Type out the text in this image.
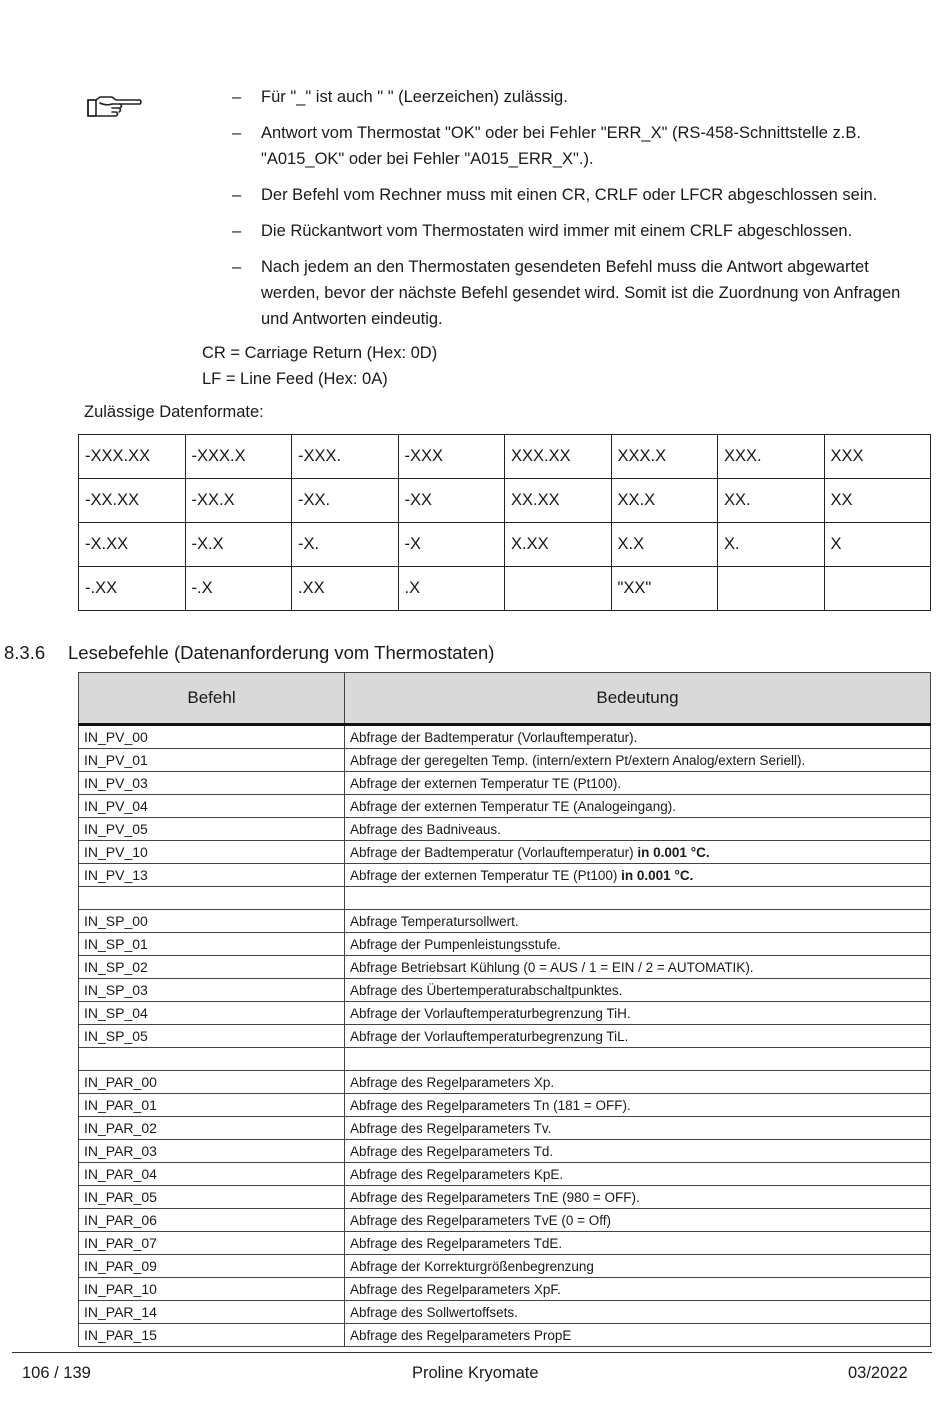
– Für "_" ist auch " " (Leerzeichen) zulässig.
– Antwort vom Thermostat "OK" oder bei Fehler "ERR_X" (RS-458-Schnittstelle z.B. "A015_OK" oder bei Fehler "A015_ERR_X".).
– Der Befehl vom Rechner muss mit einen CR, CRLF oder LFCR abgeschlossen sein.
– Die Rückantwort vom Thermostaten wird immer mit einem CRLF abgeschlossen.
– Nach jedem an den Thermostaten gesendeten Befehl muss die Antwort abgewartet werden, bevor der nächste Befehl gesendet wird. Somit ist die Zuordnung von Anfragen und Antworten eindeutig.
CR = Carriage Return (Hex: 0D)
LF = Line Feed (Hex: 0A)
Zulässige Datenformate:
-XXX.XX	-XXX.X	-XXX.	-XXX	XXX.XX	XXX.X	XXX.	XXX
-XX.XX	-XX.X	-XX.	-XX	XX.XX	XX.X	XX.	XX
-X.XX	-X.X	-X.	-X	X.XX	X.X	X.	X
-.XX	-.X	.XX	.X		"XX"		
8.3.6 Lesebefehle (Datenanforderung vom Thermostaten)
Befehl	Bedeutung
IN_PV_00	Abfrage der Badtemperatur (Vorlauftemperatur).
IN_PV_01	Abfrage der geregelten Temp. (intern/extern Pt/extern Analog/extern Seriell).
IN_PV_03	Abfrage der externen Temperatur TE (Pt100).
IN_PV_04	Abfrage der externen Temperatur TE (Analogeingang).
IN_PV_05	Abfrage des Badniveaus.
IN_PV_10	Abfrage der Badtemperatur (Vorlauftemperatur) in 0.001 °C.
IN_PV_13	Abfrage der externen Temperatur TE (Pt100) in 0.001 °C.

IN_SP_00	Abfrage Temperatursollwert.
IN_SP_01	Abfrage der Pumpenleistungsstufe.
IN_SP_02	Abfrage Betriebsart Kühlung (0 = AUS / 1 = EIN / 2 = AUTOMATIK).
IN_SP_03	Abfrage des Übertemperaturabschaltpunktes.
IN_SP_04	Abfrage der Vorlauftemperaturbegrenzung TiH.
IN_SP_05	Abfrage der Vorlauftemperaturbegrenzung TiL.

IN_PAR_00	Abfrage des Regelparameters Xp.
IN_PAR_01	Abfrage des Regelparameters Tn (181 = OFF).
IN_PAR_02	Abfrage des Regelparameters Tv.
IN_PAR_03	Abfrage des Regelparameters Td.
IN_PAR_04	Abfrage des Regelparameters KpE.
IN_PAR_05	Abfrage des Regelparameters TnE (980 = OFF).
IN_PAR_06	Abfrage des Regelparameters TvE (0 = Off)
IN_PAR_07	Abfrage des Regelparameters TdE.
IN_PAR_09	Abfrage der Korrekturgrößenbegrenzung
IN_PAR_10	Abfrage des Regelparameters XpF.
IN_PAR_14	Abfrage des Sollwertoffsets.
IN_PAR_15	Abfrage des Regelparameters PropE
106 / 139	Proline Kryomate	03/2022
